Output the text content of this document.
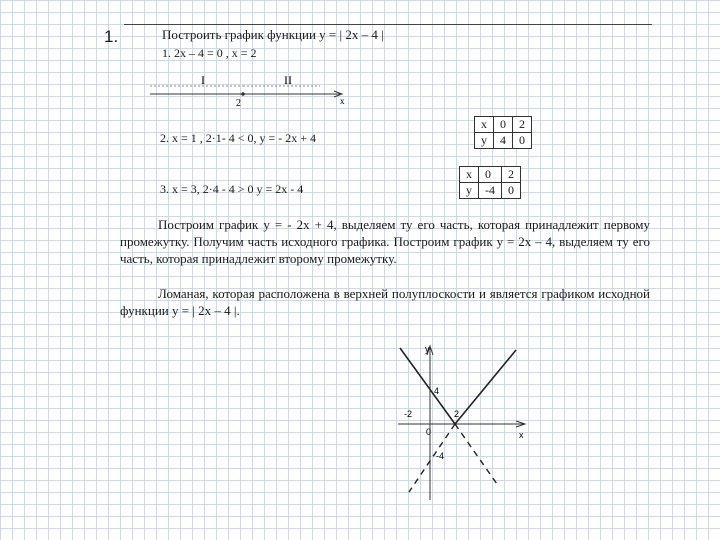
1.	Построить график функции y = | 2x – 4 |
1. 2x – 4 = 0 , x = 2
I	II
2	x
y
x
4
-2	2
0
-4
2. x = 1 , 2·1- 4 < 0, y = - 2x + 4
x	0	2
y	4	0
x	0	2
y	-4	0
3. x = 3, 2·4 - 4 > 0 y = 2x - 4
Построим график y = - 2x + 4, выделяем ту его часть, которая принадлежит первому промежутку. Получим часть исходного графика. Построим график y = 2x – 4, выделяем ту его часть, которая принадлежит второму промежутку.
Ломаная, которая расположена в верхней полуплоскости и является графиком исходной функции y = | 2x – 4 |.
